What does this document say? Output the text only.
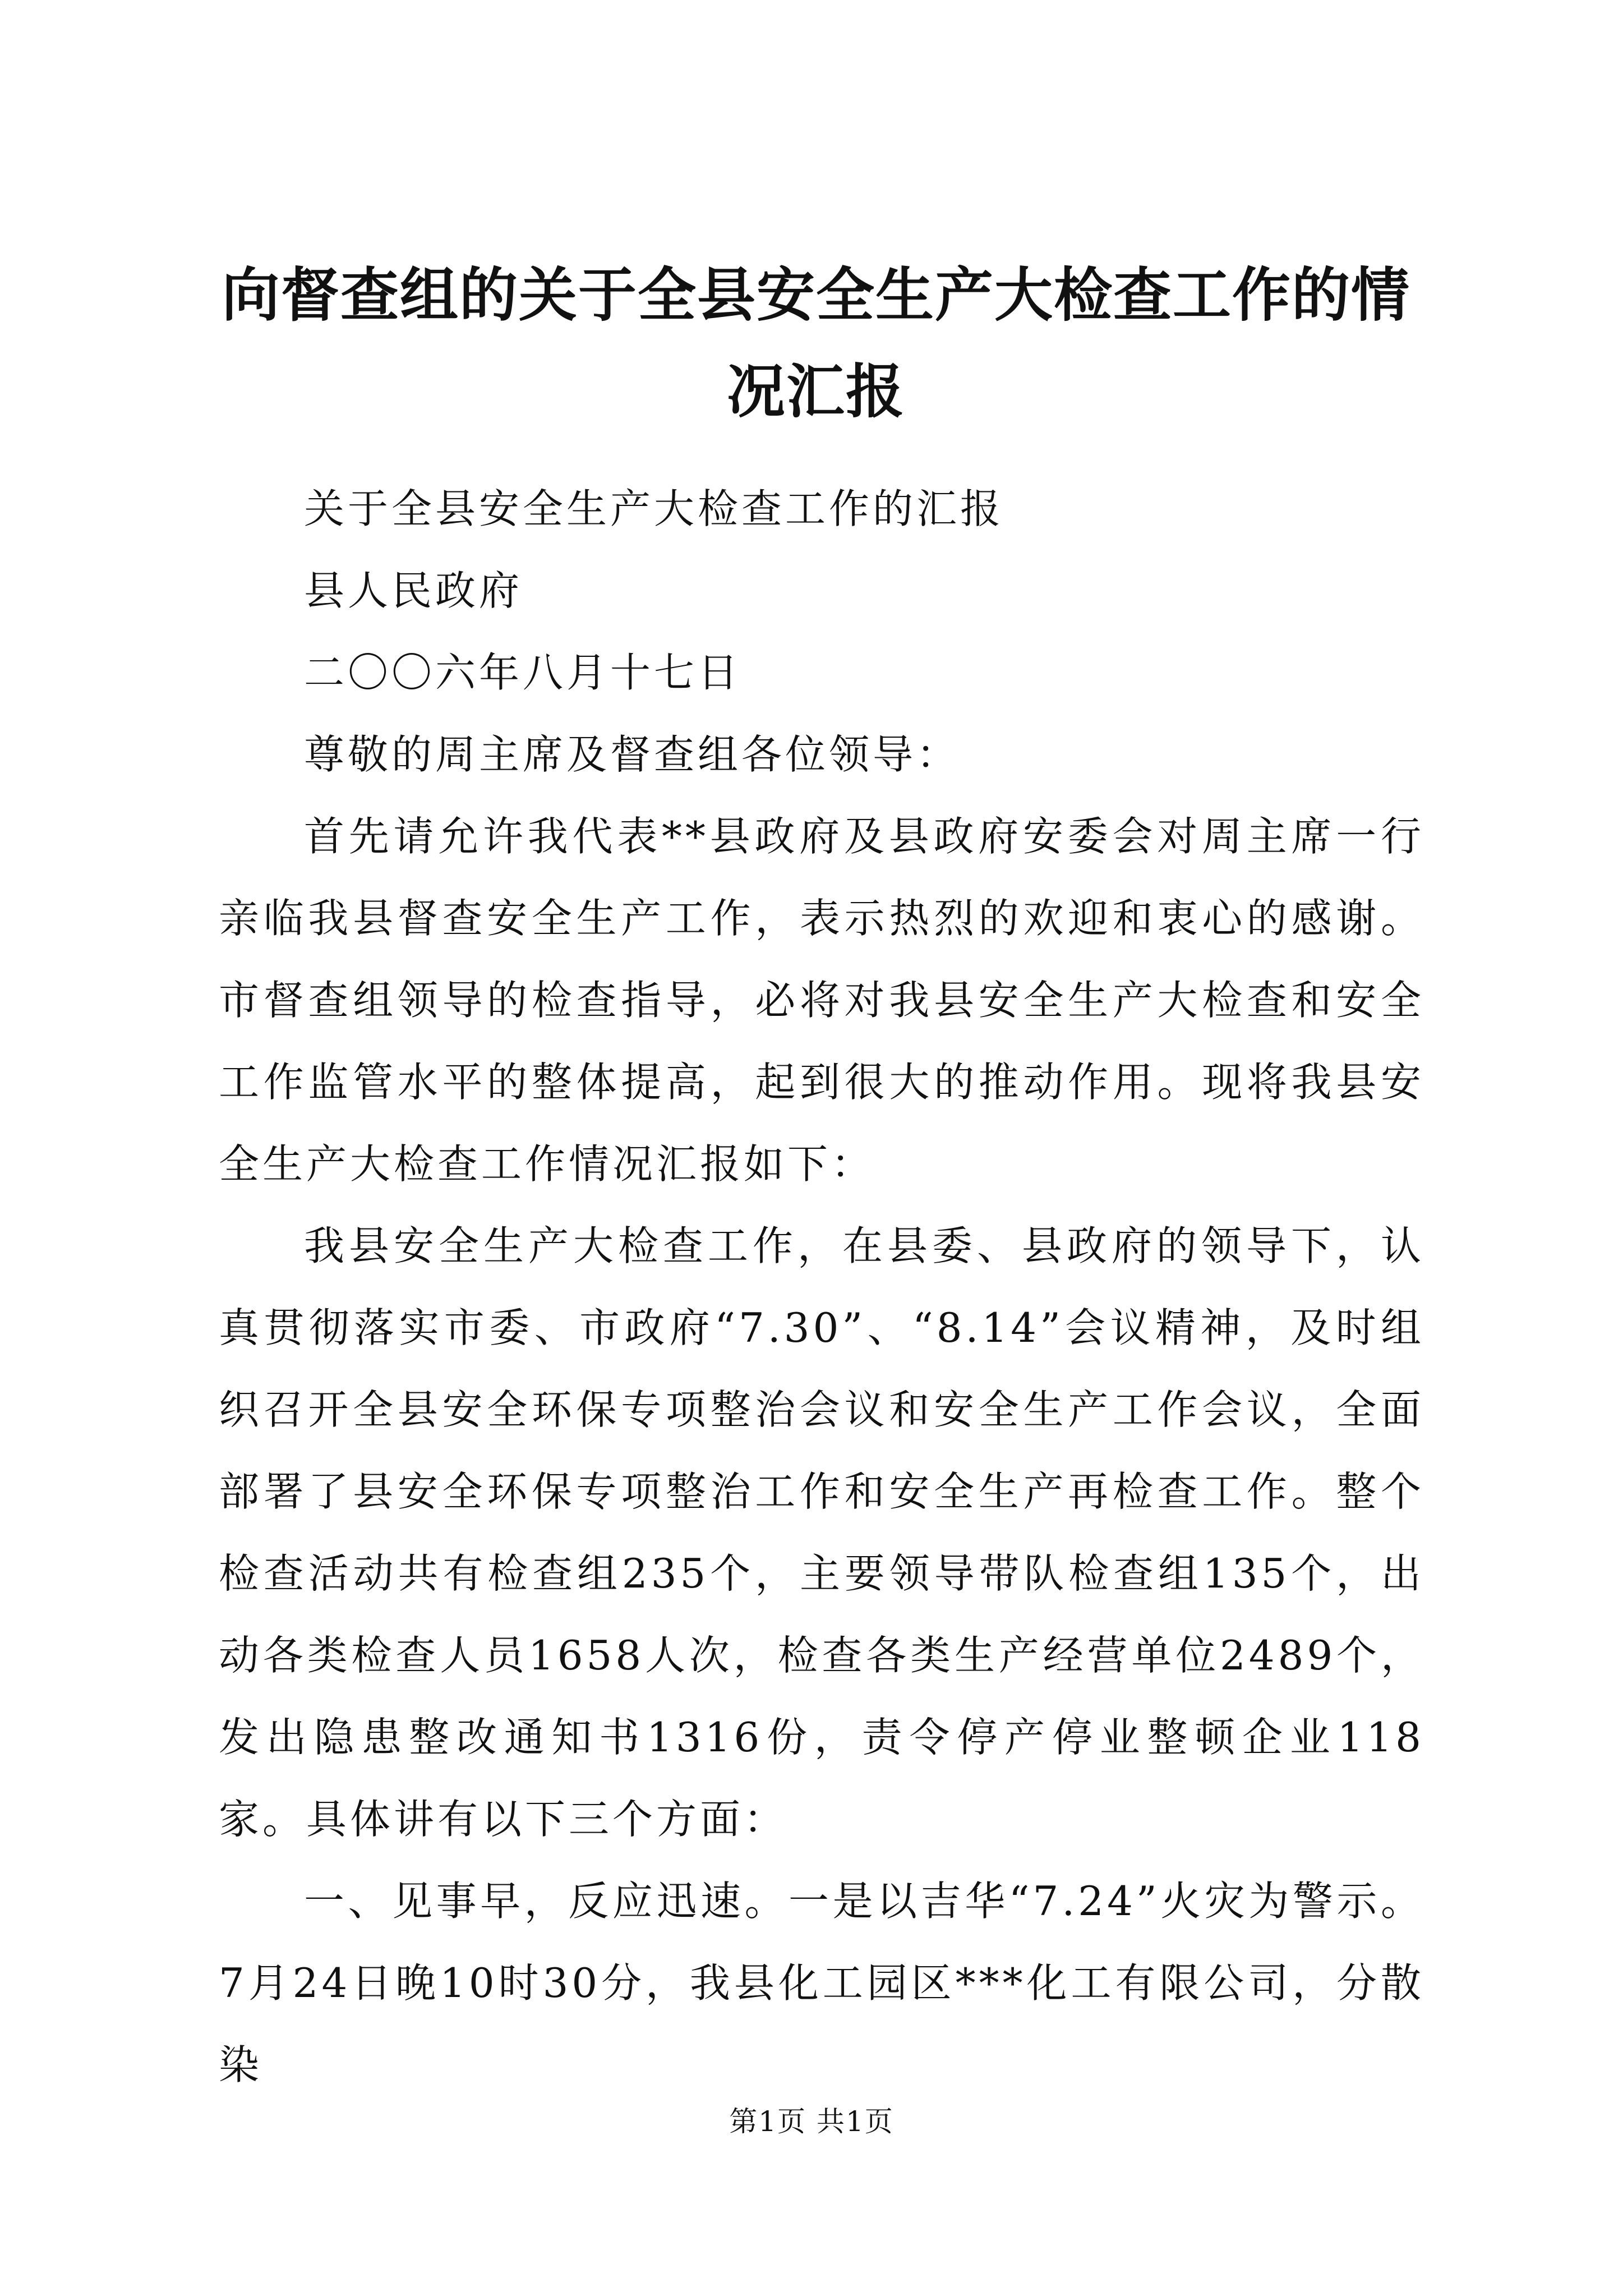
向督查组的关于全县安全生产大检查工作的情况汇报

关于全县安全生产大检查工作的汇报

县人民政府

二〇〇六年八月十七日

尊敬的周主席及督查组各位领导：

首先请允许我代表**县政府及县政府安委会对周主席一行亲临我县督查安全生产工作，表示热烈的欢迎和衷心的感谢。市督查组领导的检查指导，必将对我县安全生产大检查和安全工作监管水平的整体提高，起到很大的推动作用。现将我县安全生产大检查工作情况汇报如下：

我县安全生产大检查工作，在县委、县政府的领导下，认真贯彻落实市委、市政府“7.30”、“8.14”会议精神，及时组织召开全县安全环保专项整治会议和安全生产工作会议，全面部署了县安全环保专项整治工作和安全生产再检查工作。整个检查活动共有检查组235个，主要领导带队检查组135个，出动各类检查人员1658人次，检查各类生产经营单位2489个，发出隐患整改通知书1316份，责令停产停业整顿企业118家。具体讲有以下三个方面：

一、见事早，反应迅速。一是以吉华“7.24”火灾为警示。7月24日晚10时30分，我县化工园区***化工有限公司，分散染

第1页 共1页
